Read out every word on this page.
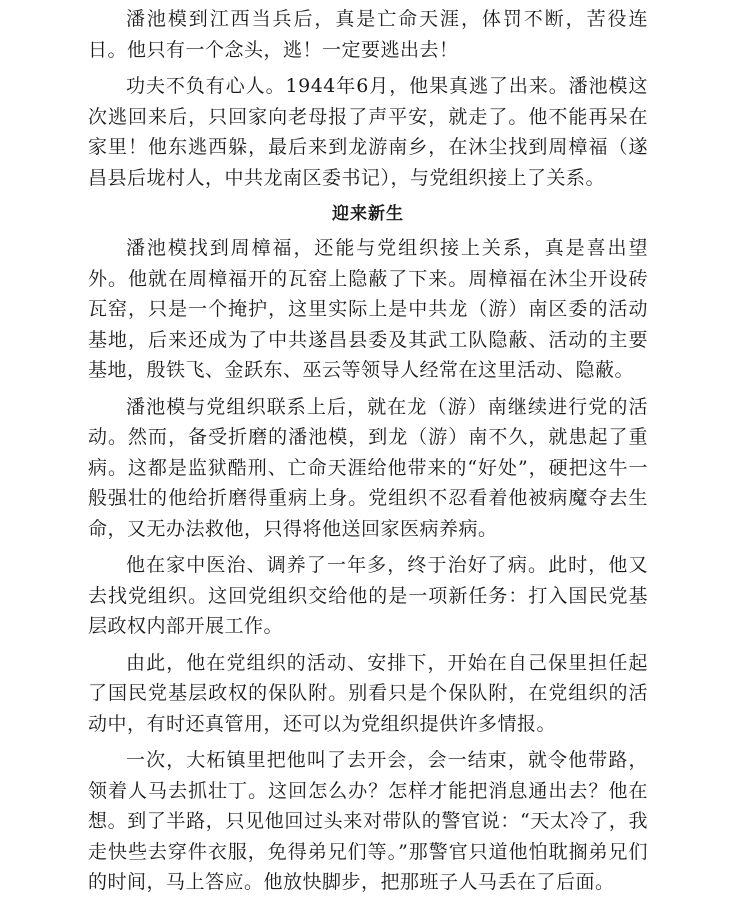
潘池模到江西当兵后，真是亡命天涯，体罚不断，苦役连日。他只有一个念头，逃！一定要逃出去！

功夫不负有心人。1944年6月，他果真逃了出来。潘池模这次逃回来后，只回家向老母报了声平安，就走了。他不能再呆在家里！他东逃西躲，最后来到龙游南乡，在沐尘找到周樟福（遂昌县后垅村人，中共龙南区委书记），与党组织接上了关系。

迎来新生

潘池模找到周樟福，还能与党组织接上关系，真是喜出望外。他就在周樟福开的瓦窑上隐蔽了下来。周樟福在沐尘开设砖瓦窑，只是一个掩护，这里实际上是中共龙（游）南区委的活动基地，后来还成为了中共遂昌县委及其武工队隐蔽、活动的主要基地，殷铁飞、金跃东、巫云等领导人经常在这里活动、隐蔽。

潘池模与党组织联系上后，就在龙（游）南继续进行党的活动。然而，备受折磨的潘池模，到龙（游）南不久，就患起了重病。这都是监狱酷刑、亡命天涯给他带来的“好处”，硬把这牛一般强壮的他给折磨得重病上身。党组织不忍看着他被病魔夺去生命，又无办法救他，只得将他送回家医病养病。

他在家中医治、调养了一年多，终于治好了病。此时，他又去找党组织。这回党组织交给他的是一项新任务：打入国民党基层政权内部开展工作。

由此，他在党组织的活动、安排下，开始在自己保里担任起了国民党基层政权的保队附。别看只是个保队附，在党组织的活动中，有时还真管用，还可以为党组织提供许多情报。

一次，大柘镇里把他叫了去开会，会一结束，就令他带路，领着人马去抓壮丁。这回怎么办？怎样才能把消息通出去？他在想。到了半路，只见他回过头来对带队的警官说：“天太冷了，我走快些去穿件衣服，免得弟兄们等。”那警官只道他怕耽搁弟兄们的时间，马上答应。他放快脚步，把那班子人马丢在了后面。
